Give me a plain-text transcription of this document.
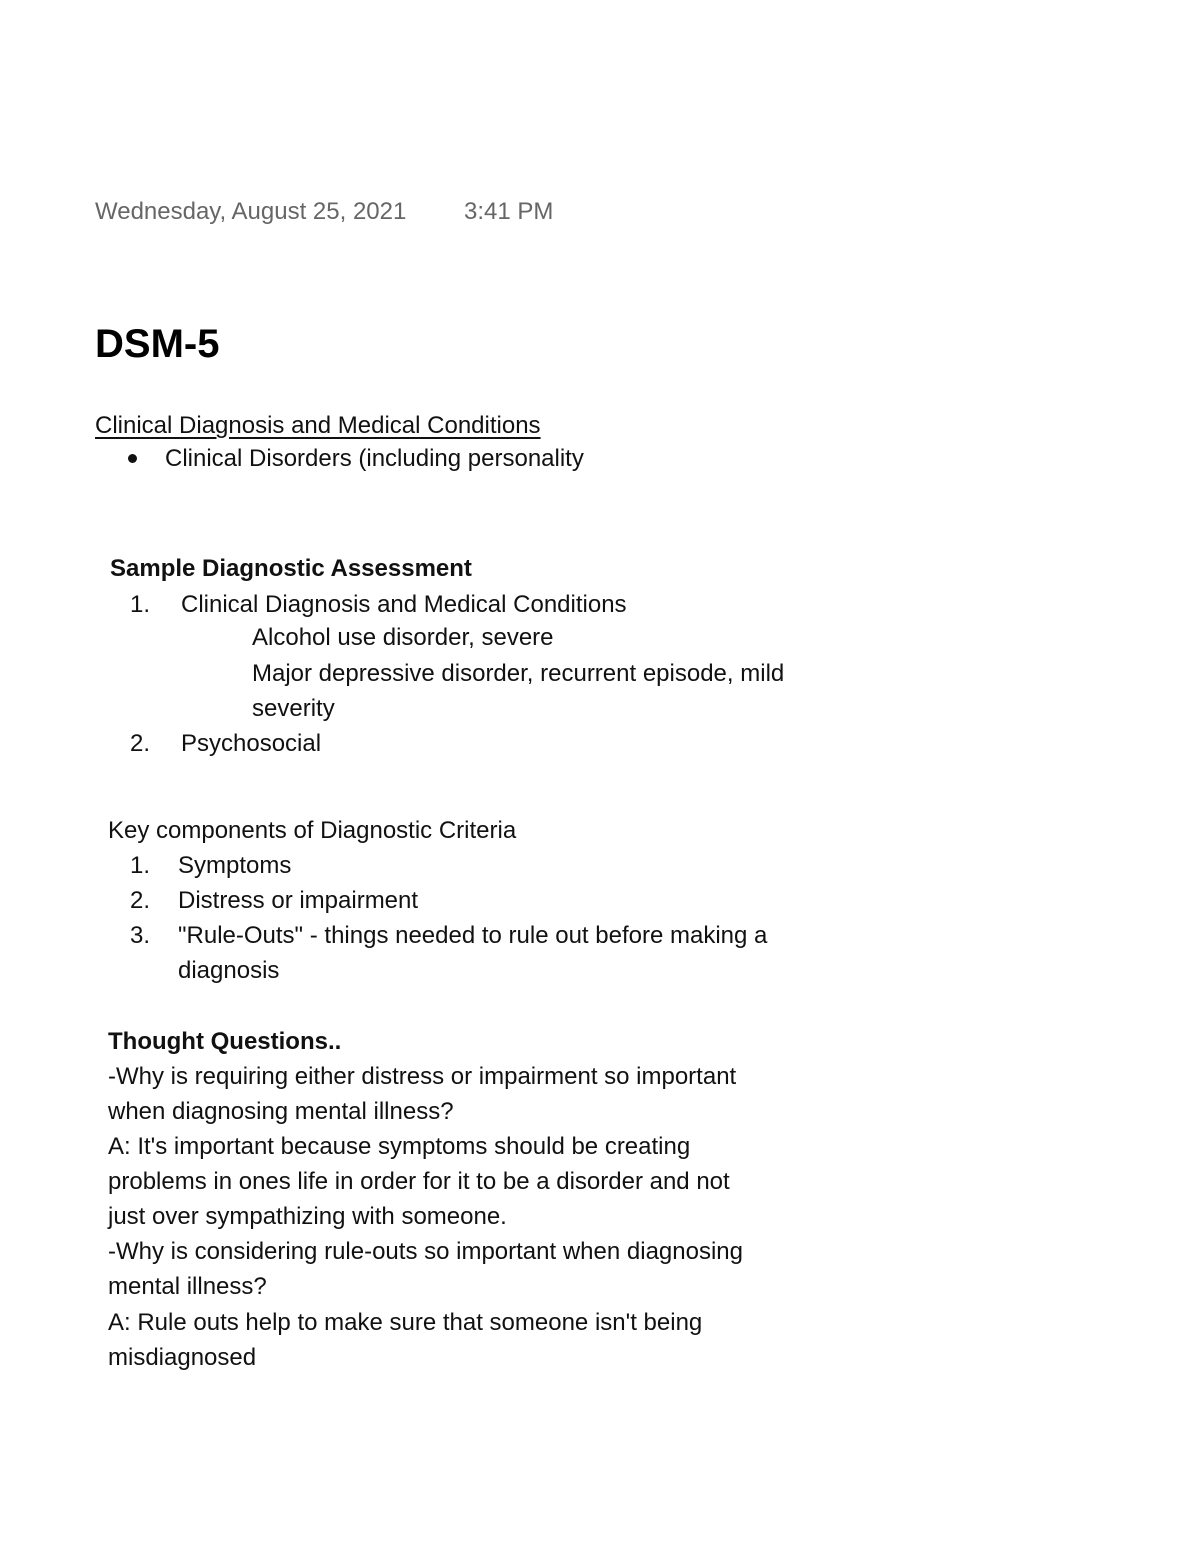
Wednesday, August 25, 2021 3:41 PM
DSM-5
Clinical Diagnosis and Medical Conditions
Clinical Disorders (including personality
Sample Diagnostic Assessment
1. Clinical Diagnosis and Medical Conditions
Alcohol use disorder, severe
Major depressive disorder, recurrent episode, mild
severity
2. Psychosocial
Key components of Diagnostic Criteria
1. Symptoms
2. Distress or impairment
3. "Rule-Outs" - things needed to rule out before making a
diagnosis
Thought Questions..
-Why is requiring either distress or impairment so important
when diagnosing mental illness?
A: It's important because symptoms should be creating
problems in ones life in order for it to be a disorder and not
just over sympathizing with someone.
-Why is considering rule-outs so important when diagnosing
mental illness?
A: Rule outs help to make sure that someone isn't being
misdiagnosed
